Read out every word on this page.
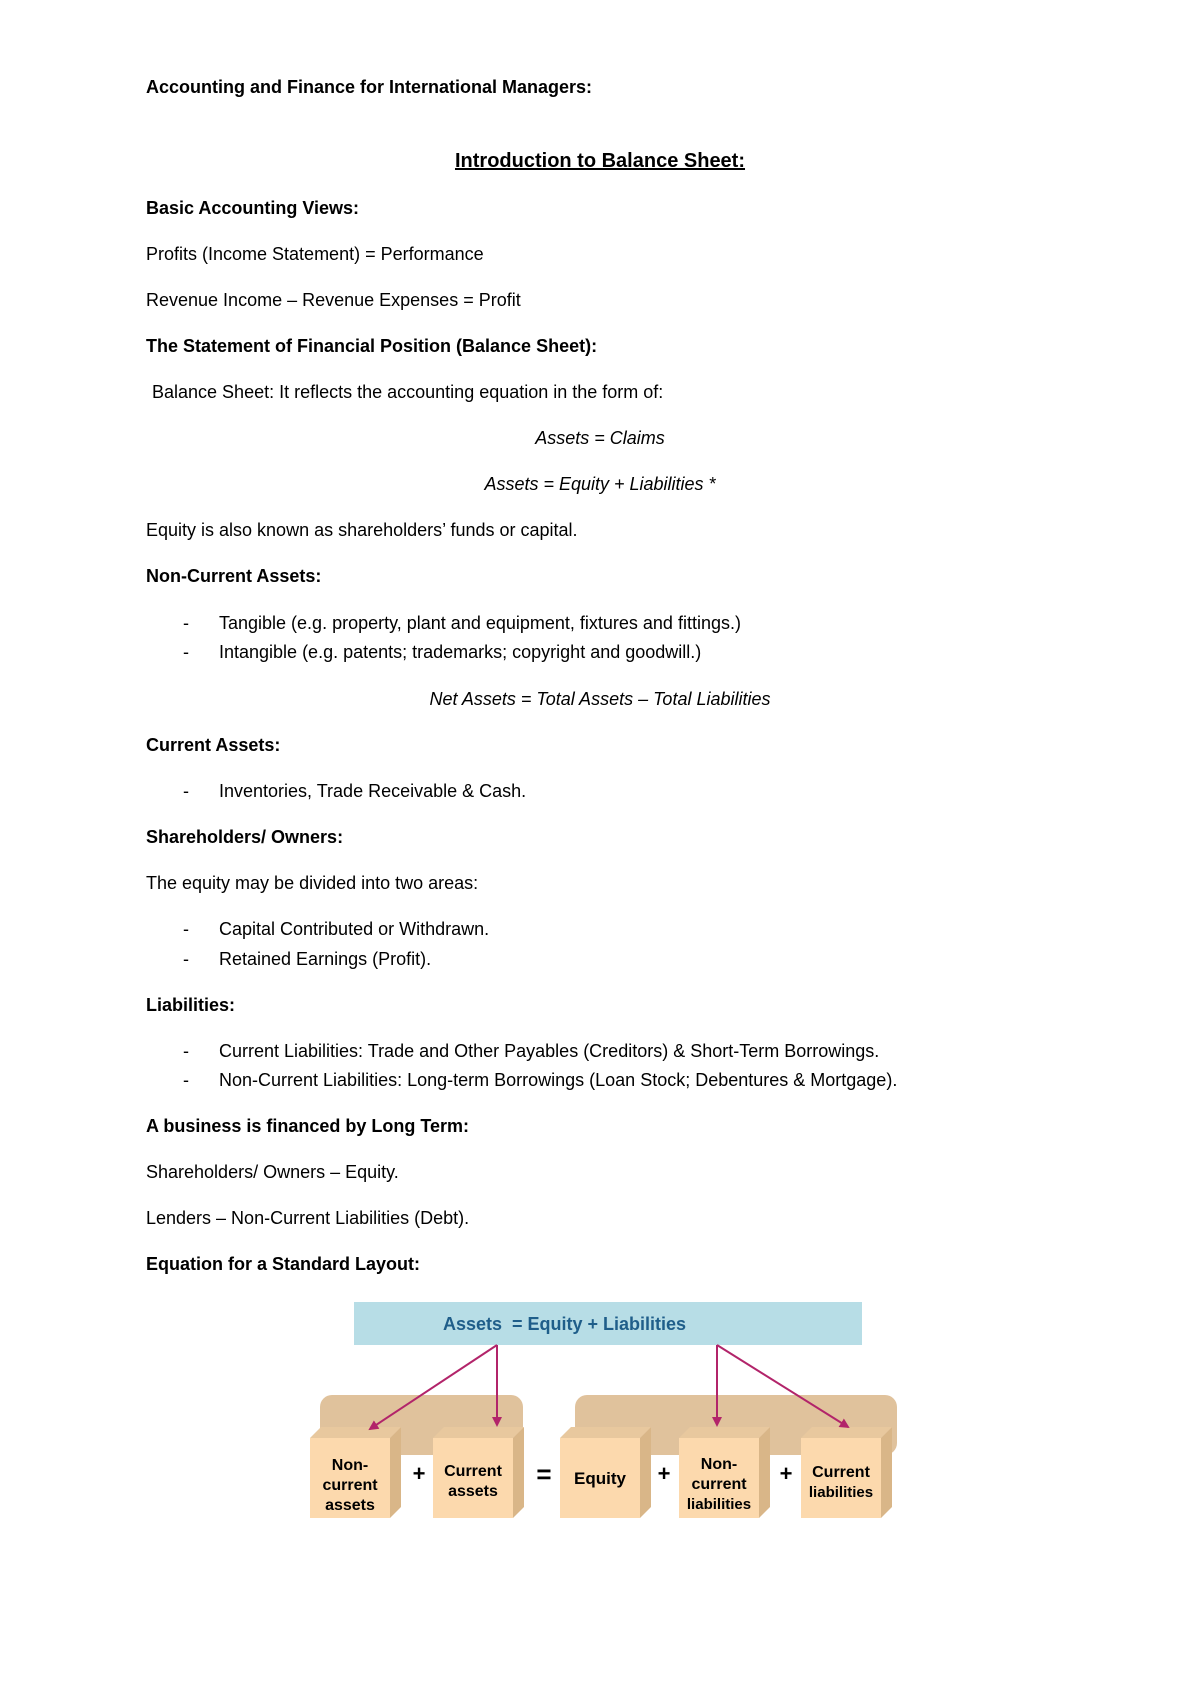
Accounting and Finance for International Managers:
Introduction to Balance Sheet:
Basic Accounting Views:
Profits (Income Statement) = Performance
Revenue Income – Revenue Expenses = Profit
The Statement of Financial Position (Balance Sheet):
Balance Sheet: It reflects the accounting equation in the form of:
Assets = Claims
Assets = Equity + Liabilities *
Equity is also known as shareholders’ funds or capital.
Non-Current Assets:
- Tangible (e.g. property, plant and equipment, fixtures and fittings.)
- Intangible (e.g. patents; trademarks; copyright and goodwill.)
Net Assets = Total Assets – Total Liabilities
Current Assets:
- Inventories, Trade Receivable & Cash.
Shareholders/ Owners:
The equity may be divided into two areas:
- Capital Contributed or Withdrawn.
- Retained Earnings (Profit).
Liabilities:
- Current Liabilities: Trade and Other Payables (Creditors) & Short-Term Borrowings.
- Non-Current Liabilities: Long-term Borrowings (Loan Stock; Debentures & Mortgage).
A business is financed by Long Term:
Shareholders/ Owners – Equity.
Lenders – Non-Current Liabilities (Debt).
Equation for a Standard Layout:
Assets = Equity + Liabilities
Non-
current
assets
+ Current
assets
= Equity + Non-
current
liabilities
+ Current
liabilities
